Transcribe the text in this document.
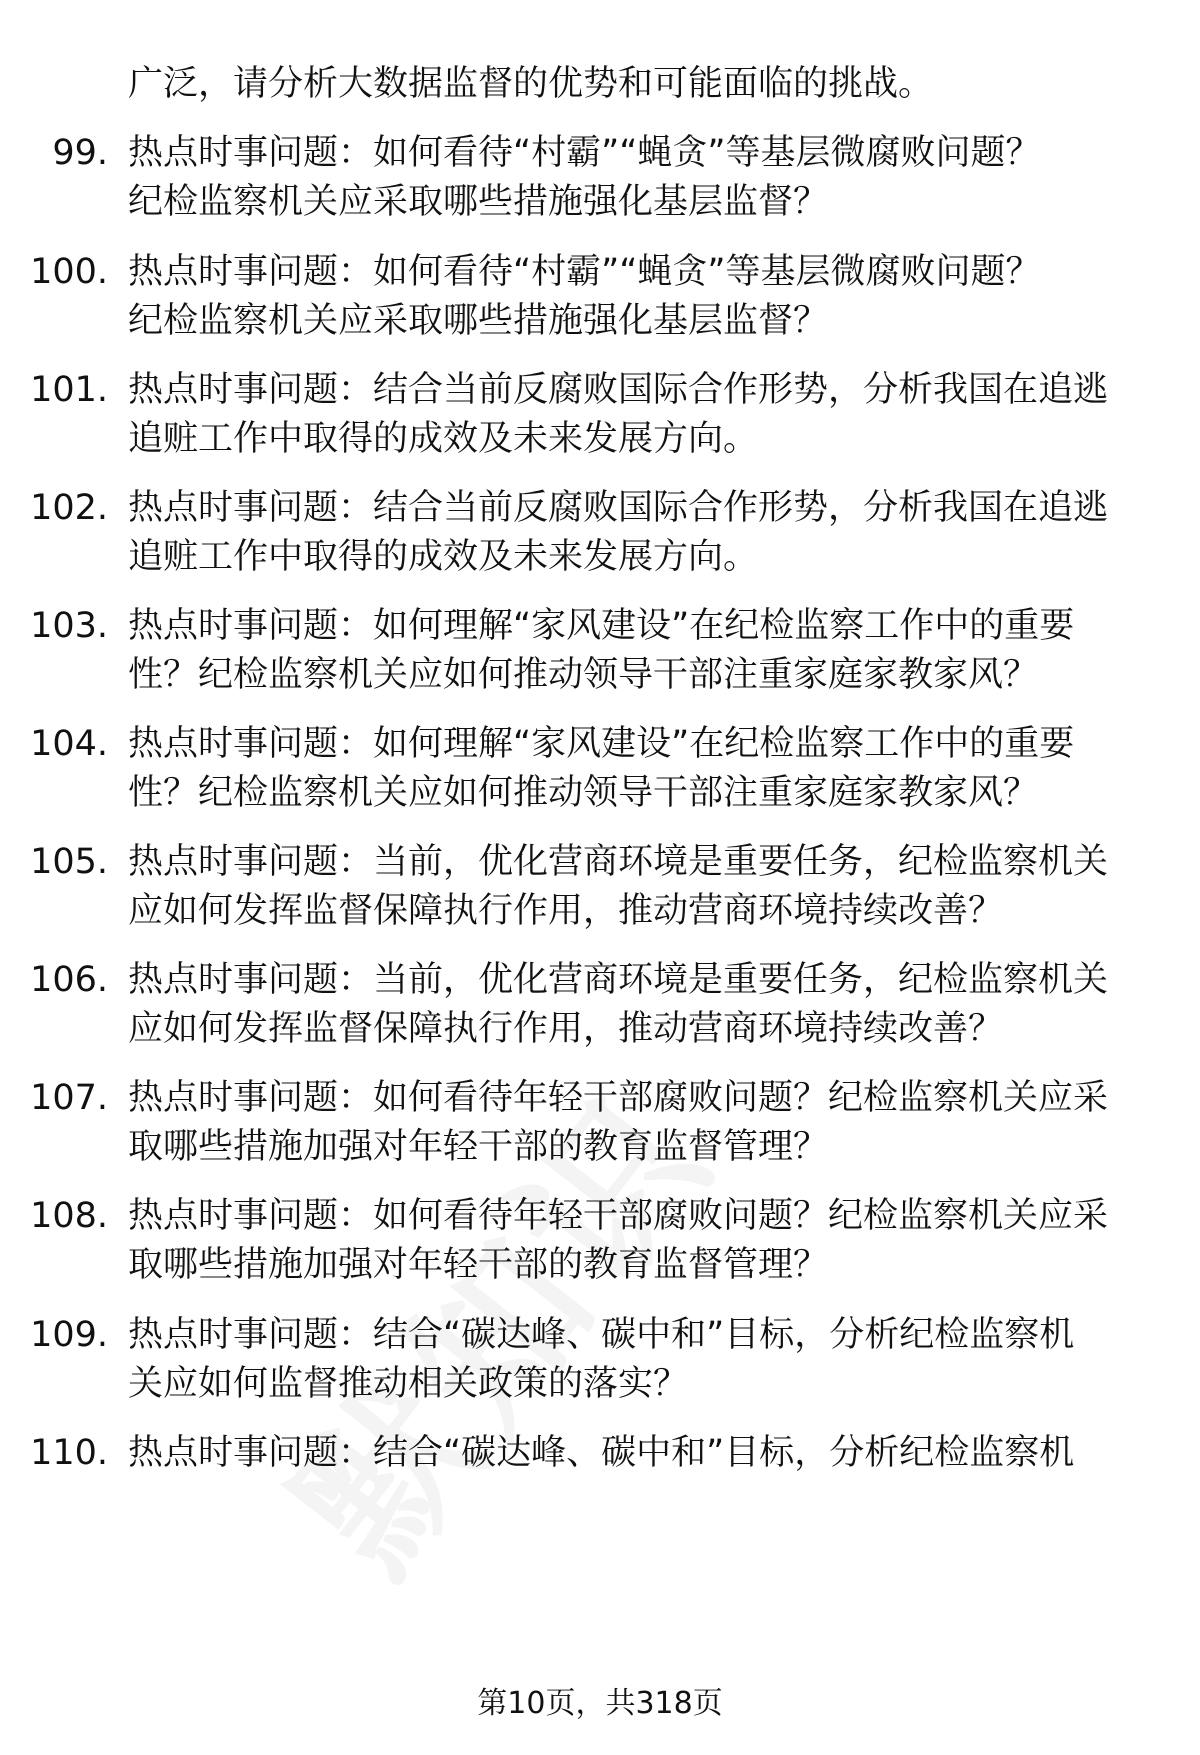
广泛，请分析大数据监督的优势和可能面临的挑战。
99. 热点时事问题：如何看待“村霸”“蝇贪”等基层微腐败问题？
纪检监察机关应采取哪些措施强化基层监督？
100. 热点时事问题：如何看待“村霸”“蝇贪”等基层微腐败问题？
纪检监察机关应采取哪些措施强化基层监督？
101. 热点时事问题：结合当前反腐败国际合作形势，分析我国在追逃
追赃工作中取得的成效及未来发展方向。
102. 热点时事问题：结合当前反腐败国际合作形势，分析我国在追逃
追赃工作中取得的成效及未来发展方向。
103. 热点时事问题：如何理解“家风建设”在纪检监察工作中的重要
性？纪检监察机关应如何推动领导干部注重家庭家教家风？
104. 热点时事问题：如何理解“家风建设”在纪检监察工作中的重要
性？纪检监察机关应如何推动领导干部注重家庭家教家风？
105. 热点时事问题：当前，优化营商环境是重要任务，纪检监察机关
应如何发挥监督保障执行作用，推动营商环境持续改善？
106. 热点时事问题：当前，优化营商环境是重要任务，纪检监察机关
应如何发挥监督保障执行作用，推动营商环境持续改善？
107. 热点时事问题：如何看待年轻干部腐败问题？纪检监察机关应采
取哪些措施加强对年轻干部的教育监督管理？
108. 热点时事问题：如何看待年轻干部腐败问题？纪检监察机关应采
取哪些措施加强对年轻干部的教育监督管理？
109. 热点时事问题：结合“碳达峰、碳中和”目标，分析纪检监察机
关应如何监督推动相关政策的落实？
110. 热点时事问题：结合“碳达峰、碳中和”目标，分析纪检监察机
第10页，共318页
